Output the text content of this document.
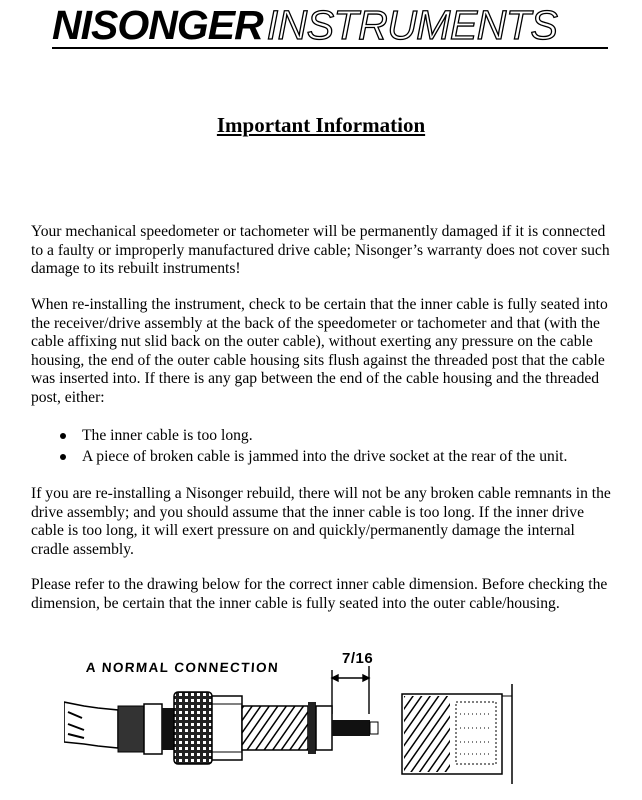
NISONGER INSTRUMENTS
Important Information

Your mechanical speedometer or tachometer will be permanently damaged if it is connected to a faulty or improperly manufactured drive cable; Nisonger’s warranty does not cover such damage to its rebuilt instruments!

When re-installing the instrument, check to be certain that the inner cable is fully seated into the receiver/drive assembly at the back of the speedometer or tachometer and that (with the cable affixing nut slid back on the outer cable), without exerting any pressure on the cable housing, the end of the outer cable housing sits flush against the threaded post that the cable was inserted into. If there is any gap between the end of the cable housing and the threaded post, either:

The inner cable is too long.
A piece of broken cable is jammed into the drive socket at the rear of the unit.

If you are re-installing a Nisonger rebuild, there will not be any broken cable remnants in the drive assembly; and you should assume that the inner cable is too long. If the inner drive cable is too long, it will exert pressure on and quickly/permanently damage the internal cradle assembly.

Please refer to the drawing below for the correct inner cable dimension. Before checking the dimension, be certain that the inner cable is fully seated into the outer cable/housing.

A NORMAL CONNECTION
7/16
